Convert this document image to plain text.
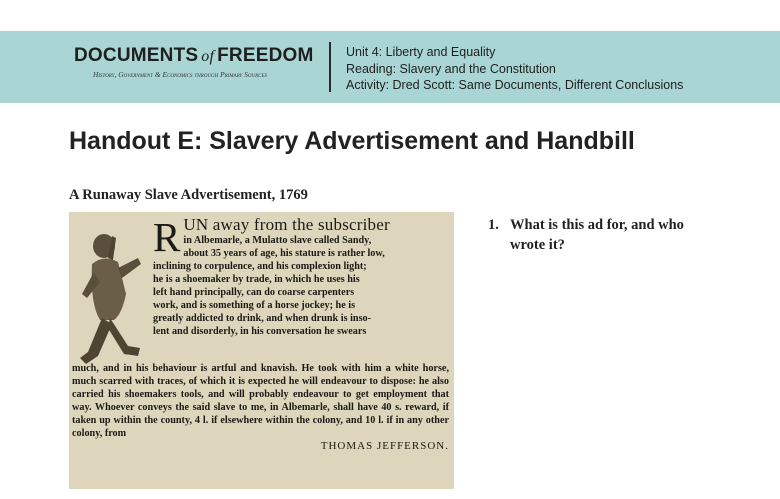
DOCUMENTS of FREEDOM
History, Government & Economics through Primary Sources
Unit 4: Liberty and Equality
Reading: Slavery and the Constitution
Activity: Dred Scott: Same Documents, Different Conclusions
Handout E: Slavery Advertisement and Handbill
A Runaway Slave Advertisement, 1769
R UN away from the subscriber
in Albemarle, a Mulatto slave called Sandy,
about 35 years of age, his stature is rather low,
inclining to corpulence, and his complexion light;
he is a shoemaker by trade, in which he uses his
left hand principally, can do coarse carpenters
work, and is something of a horse jockey; he is
greatly addicted to drink, and when drunk is inso-
lent and disorderly, in his conversation he swears
much, and in his behaviour is artful and knavish. He took with him a white horse, much scarred with traces, of which it is expected he will endeavour to dispose: he also carried his shoemakers tools, and will probably endeavour to get employment that way. Whoever conveys the said slave to me, in Albemarle, shall have 40 s. reward, if taken up within the county, 4 l. if elsewhere within the colony, and 10 l. if in any other colony, from
THOMAS JEFFERSON.
1. What is this ad for, and who wrote it?
